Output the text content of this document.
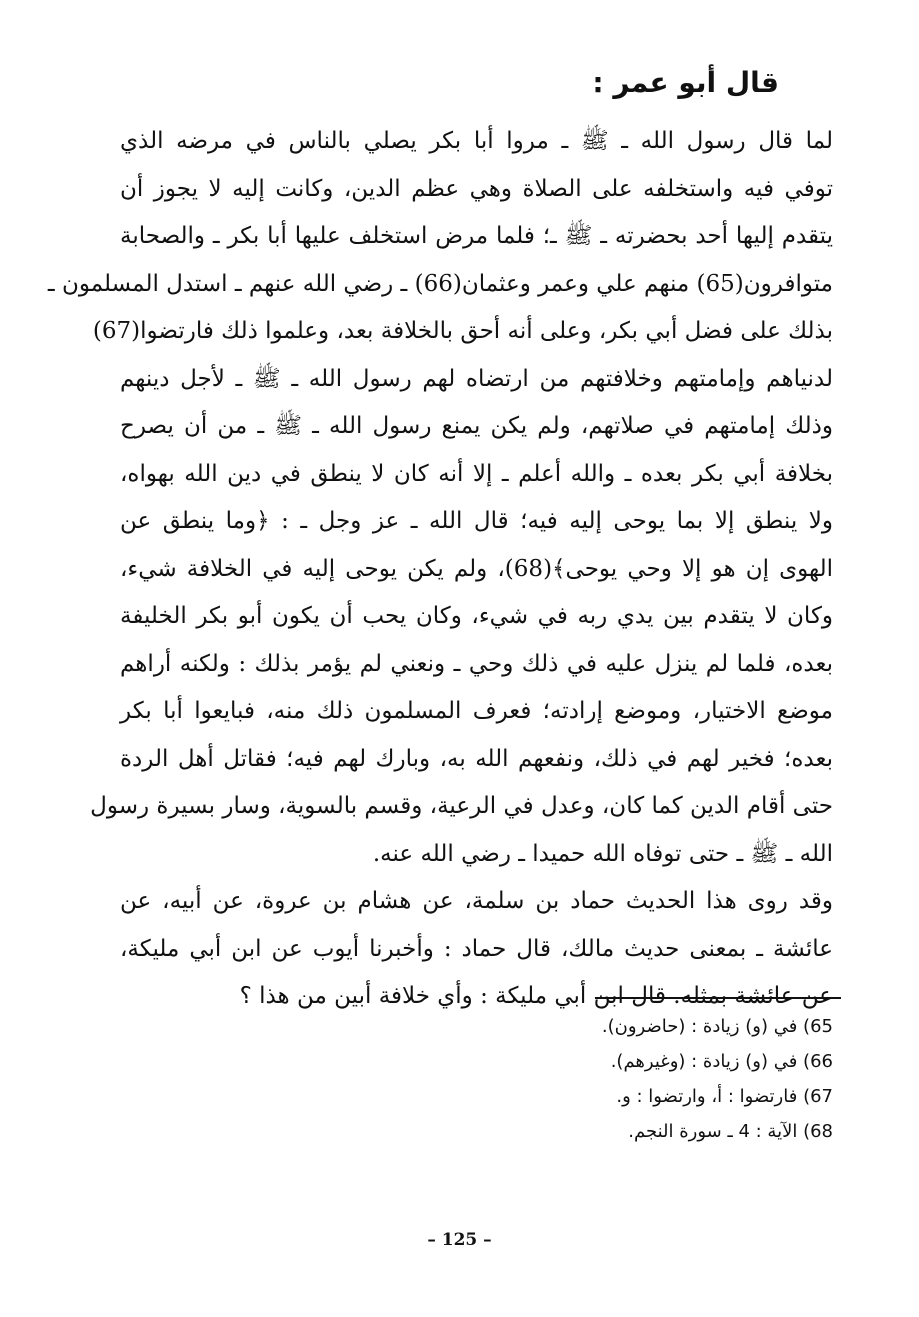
قال أبو عمر :
لما قال رسول الله ـ ﷺ ـ مروا أبا بكر يصلي بالناس في مرضه الذي
توفي فيه واستخلفه على الصلاة وهي عظم الدين، وكانت إليه لا يجوز أن
يتقدم إليها أحد بحضرته ـ ﷺ ـ؛ فلما مرض استخلف عليها أبا بكر ـ والصحابة
متوافرون(65) منهم علي وعمر وعثمان(66) ـ رضي الله عنهم ـ استدل المسلمون ـ
بذلك على فضل أبي بكر، وعلى أنه أحق بالخلافة بعد، وعلموا ذلك فارتضوا(67)
لدنياهم وإمامتهم وخلافتهم من ارتضاه لهم رسول الله ـ ﷺ ـ لأجل دينهم
وذلك إمامتهم في صلاتهم، ولم يكن يمنع رسول الله ـ ﷺ ـ من أن يصرح
بخلافة أبي بكر بعده ـ والله أعلم ـ إلا أنه كان لا ينطق في دين الله بهواه،
ولا ينطق إلا بما يوحى إليه فيه؛ قال الله ـ عز وجل ـ : ﴿وما ينطق عن
الهوى إن هو إلا وحي يوحى﴾(68)، ولم يكن يوحى إليه في الخلافة شيء،
وكان لا يتقدم بين يدي ربه في شيء، وكان يحب أن يكون أبو بكر الخليفة
بعده، فلما لم ينزل عليه في ذلك وحي ـ ونعني لم يؤمر بذلك : ولكنه أراهم
موضع الاختيار، وموضع إرادته؛ فعرف المسلمون ذلك منه، فبايعوا أبا بكر
بعده؛ فخير لهم في ذلك، ونفعهم الله به، وبارك لهم فيه؛ فقاتل أهل الردة
حتى أقام الدين كما كان، وعدل في الرعية، وقسم بالسوية، وسار بسيرة رسول
الله ـ ﷺ ـ حتى توفاه الله حميدا ـ رضي الله عنه.
وقد روى هذا الحديث حماد بن سلمة، عن هشام بن عروة، عن أبيه، عن
عائشة ـ بمعنى حديث مالك، قال حماد : وأخبرنا أيوب عن ابن أبي مليكة،
عن عائشة بمثله. قال ابن أبي مليكة : وأي خلافة أبين من هذا ؟
65) في (و) زيادة : (حاضرون).
66) في (و) زيادة : (وغيرهم).
67) فارتضوا : أ، وارتضوا : و.
68) الآية : 4 ـ سورة النجم.
– 125 –
